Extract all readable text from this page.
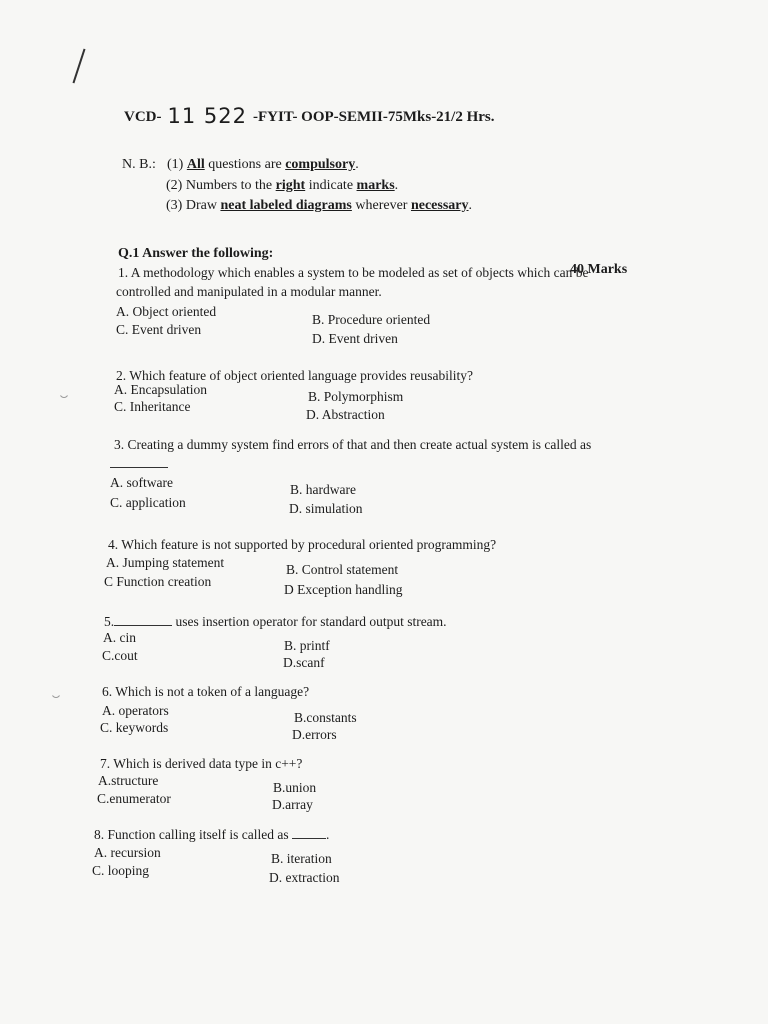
VCD- 11 522 -FYIT- OOP-SEMII-75Mks-21/2 Hrs.
N. B.: (1) All questions are compulsory.
(2) Numbers to the right indicate marks.
(3) Draw neat labeled diagrams wherever necessary.
Q.1 Answer the following:
40 Marks
1. A methodology which enables a system to be modeled as set of objects which can be
controlled and manipulated in a modular manner.
A. Object oriented
B. Procedure oriented
C. Event driven
D. Event driven
2. Which feature of object oriented language provides reusability?
A. Encapsulation	B. Polymorphism
C. Inheritance
D. Abstraction
3. Creating a dummy system find errors of that and then create actual system is called as
A. software	B. hardware
C. application	D. simulation
4. Which feature is not supported by procedural oriented programming?
A. Jumping statement	B. Control statement
C Function creation
D Exception handling
5.	uses insertion operator for standard output stream.
A. cin
B. printf
C.cout	D.scanf
6. Which is not a token of a language?
A. operators	B.constants
C. keywords	D.errors
7. Which is derived data type in c++?
A.structure	B.union
C.enumerator	D.array
8. Function calling itself is called as	.
A. recursion	B. iteration
C. looping	D. extraction
